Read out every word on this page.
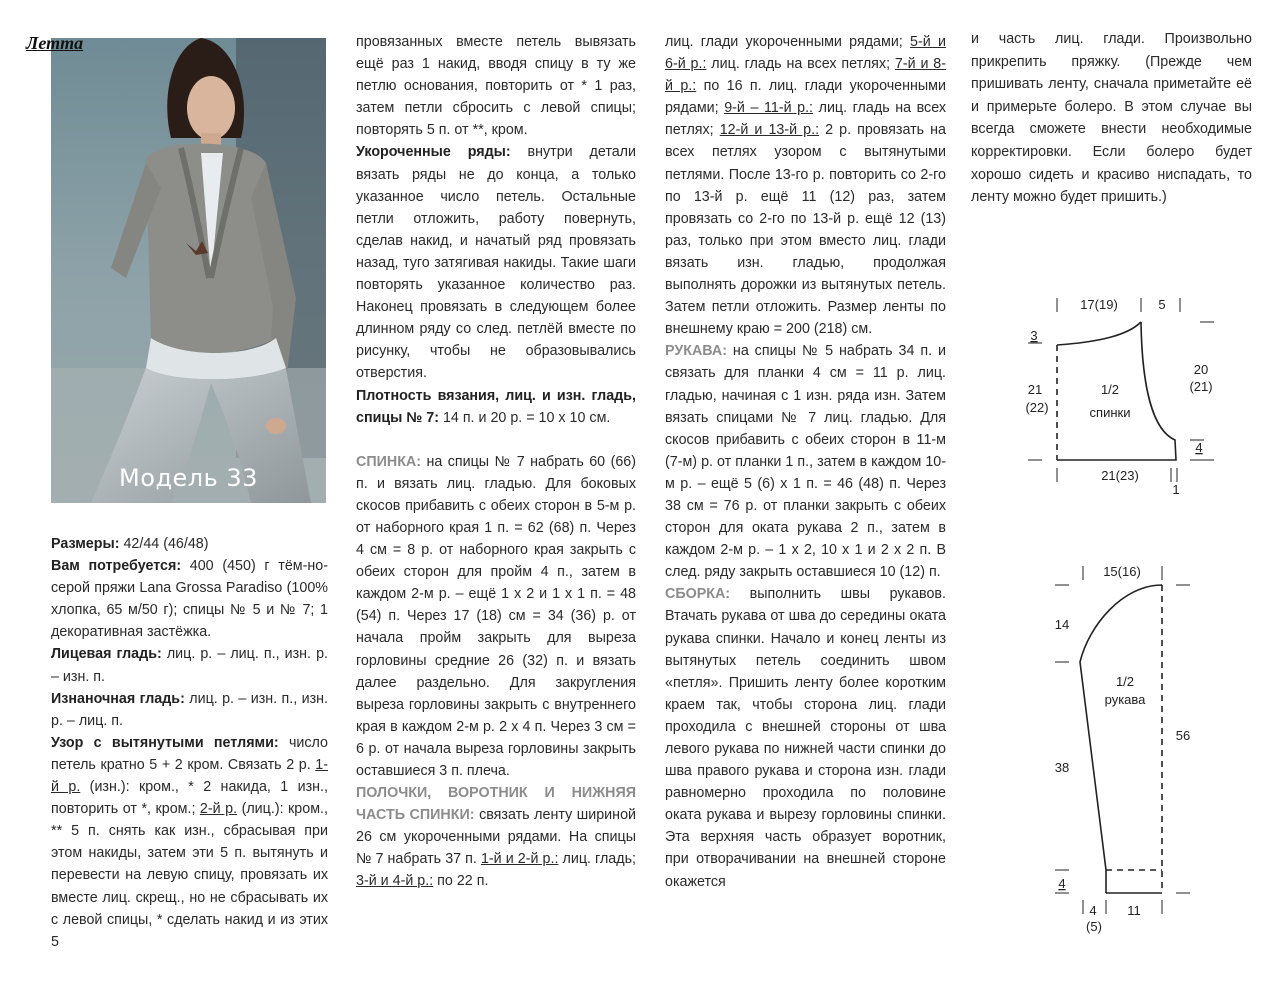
Летта
Модель 33

Размеры: 42/44 (46/48)

Вам потребуется: 400 (450) г тём-но-серой пряжи Lana Grossa Paradiso (100% хлопка, 65 м/50 г); спицы № 5 и № 7; 1 декоративная застёжка.

Лицевая гладь: лиц. р. – лиц. п., изн. р. – изн. п.

Изнаночная гладь: лиц. р. – изн. п., изн. р. – лиц. п.

Узор с вытянутыми петлями: число петель кратно 5 + 2 кром. Связать 2 р. 1-й р. (изн.): кром., * 2 накида, 1 изн., повторить от *, кром.; 2-й р. (лиц.): кром., ** 5 п. снять как изн., сбрасывая при этом накиды, затем эти 5 п. вытянуть и перевести на левую спицу, провязать их вместе лиц. скрещ., но не сбрасывать их с левой спицы, * сделать накид и из этих 5

провязанных вместе петель вывязать ещё раз 1 накид, вводя спицу в ту же петлю основания, повторить от * 1 раз, затем петли сбросить с левой спицы; повторять 5 п. от **, кром.

Укороченные ряды: внутри детали вязать ряды не до конца, а только указанное число петель. Остальные петли отложить, работу повернуть, сделав накид, и начатый ряд провязать назад, туго затягивая накиды. Такие шаги повторять указанное количество раз. Наконец провязать в следующем более длинном ряду со след. петлёй вместе по рисунку, чтобы не образовывались отверстия.

Плотность вязания, лиц. и изн. гладь, спицы № 7: 14 п. и 20 р. = 10 х 10 см.

СПИНКА: на спицы № 7 набрать 60 (66) п. и вязать лиц. гладью. Для боковых скосов прибавить с обеих сторон в 5-м р. от наборного края 1 п. = 62 (68) п. Через 4 см = 8 р. от наборного края закрыть с обеих сторон для пройм 4 п., затем в каждом 2-м р. – ещё 1 х 2 и 1 х 1 п. = 48 (54) п. Через 17 (18) см = 34 (36) р. от начала пройм закрыть для выреза горловины средние 26 (32) п. и вязать далее раздельно. Для закругления выреза горловины закрыть с внутреннего края в каждом 2-м р. 2 х 4 п. Через 3 см = 6 р. от начала выреза горловины закрыть оставшиеся 3 п. плеча.

ПОЛОЧКИ, ВОРОТНИК И НИЖНЯЯ ЧАСТЬ СПИНКИ: связать ленту шириной 26 см укороченными рядами. На спицы № 7 набрать 37 п. 1-й и 2-й р.: лиц. гладь; 3-й и 4-й р.: по 22 п.

лиц. глади укороченными рядами; 5-й и 6-й р.: лиц. гладь на всех петлях; 7-й и 8-й р.: по 16 п. лиц. глади укороченными рядами; 9-й – 11-й р.: лиц. гладь на всех петлях; 12-й и 13-й р.: 2 р. провязать на всех петлях узором с вытянутыми петлями. После 13-го р. повторить со 2-го по 13-й р. ещё 11 (12) раз, затем провязать со 2-го по 13-й р. ещё 12 (13) раз, только при этом вместо лиц. глади вязать изн. гладью, продолжая выполнять дорожки из вытянутых петель. Затем петли отложить. Размер ленты по внешнему краю = 200 (218) см.

РУКАВА: на спицы № 5 набрать 34 п. и связать для планки 4 см = 11 р. лиц. гладью, начиная с 1 изн. ряда изн. Затем вязать спицами № 7 лиц. гладью. Для скосов прибавить с обеих сторон в 11-м (7-м) р. от планки 1 п., затем в каждом 10-м р. – ещё 5 (6) х 1 п. = 46 (48) п. Через 38 см = 76 р. от планки закрыть с обеих сторон для оката рукава 2 п., затем в каждом 2-м р. – 1 х 2, 10 х 1 и 2 х 2 п. В след. ряду закрыть оставшиеся 10 (12) п.

СБОРКА: выполнить швы рукавов. Втачать рукава от шва до середины оката рукава спинки. Начало и конец ленты из вытянутых петель соединить швом «петля». Пришить ленту более коротким краем так, чтобы сторона лиц. глади проходила с внешней стороны от шва левого рукава по нижней части спинки до шва правого рукава и сторона изн. глади равномерно проходила по половине оката рукава и вырезу горловины спинки. Эта верхняя часть образует воротник, при отворачивании на внешней стороне окажется

и часть лиц. глади. Произвольно прикрепить пряжку. (Прежде чем пришивать ленту, сначала приметайте её и примерьте болеро. В этом случае вы всегда сможете внести необходимые корректировки. Если болеро будет хорошо сидеть и красиво ниспадать, то ленту можно будет пришить.)

17(19)	5
20
(21)
3
21
(22)
1/2
спинки
4
21(23)
1
15(16)
14
1/2
рукава
56
38
4
4
(5)
11
